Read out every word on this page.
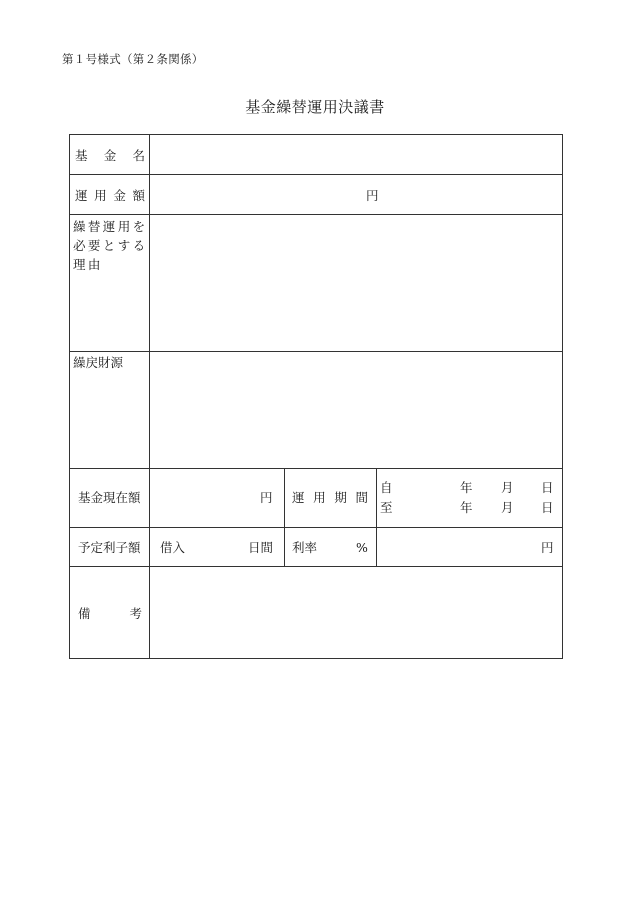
第１号様式（第２条関係）
基金繰替運用決議書
基 金 名
運 用 金 額	円
繰替運用を
必要とする
理由
繰戻財源
基金現在額	円 運 用 期 間
自	年 月 日
至	年 月 日
予定利子額 借入	日間 利率	%	円
備	考
